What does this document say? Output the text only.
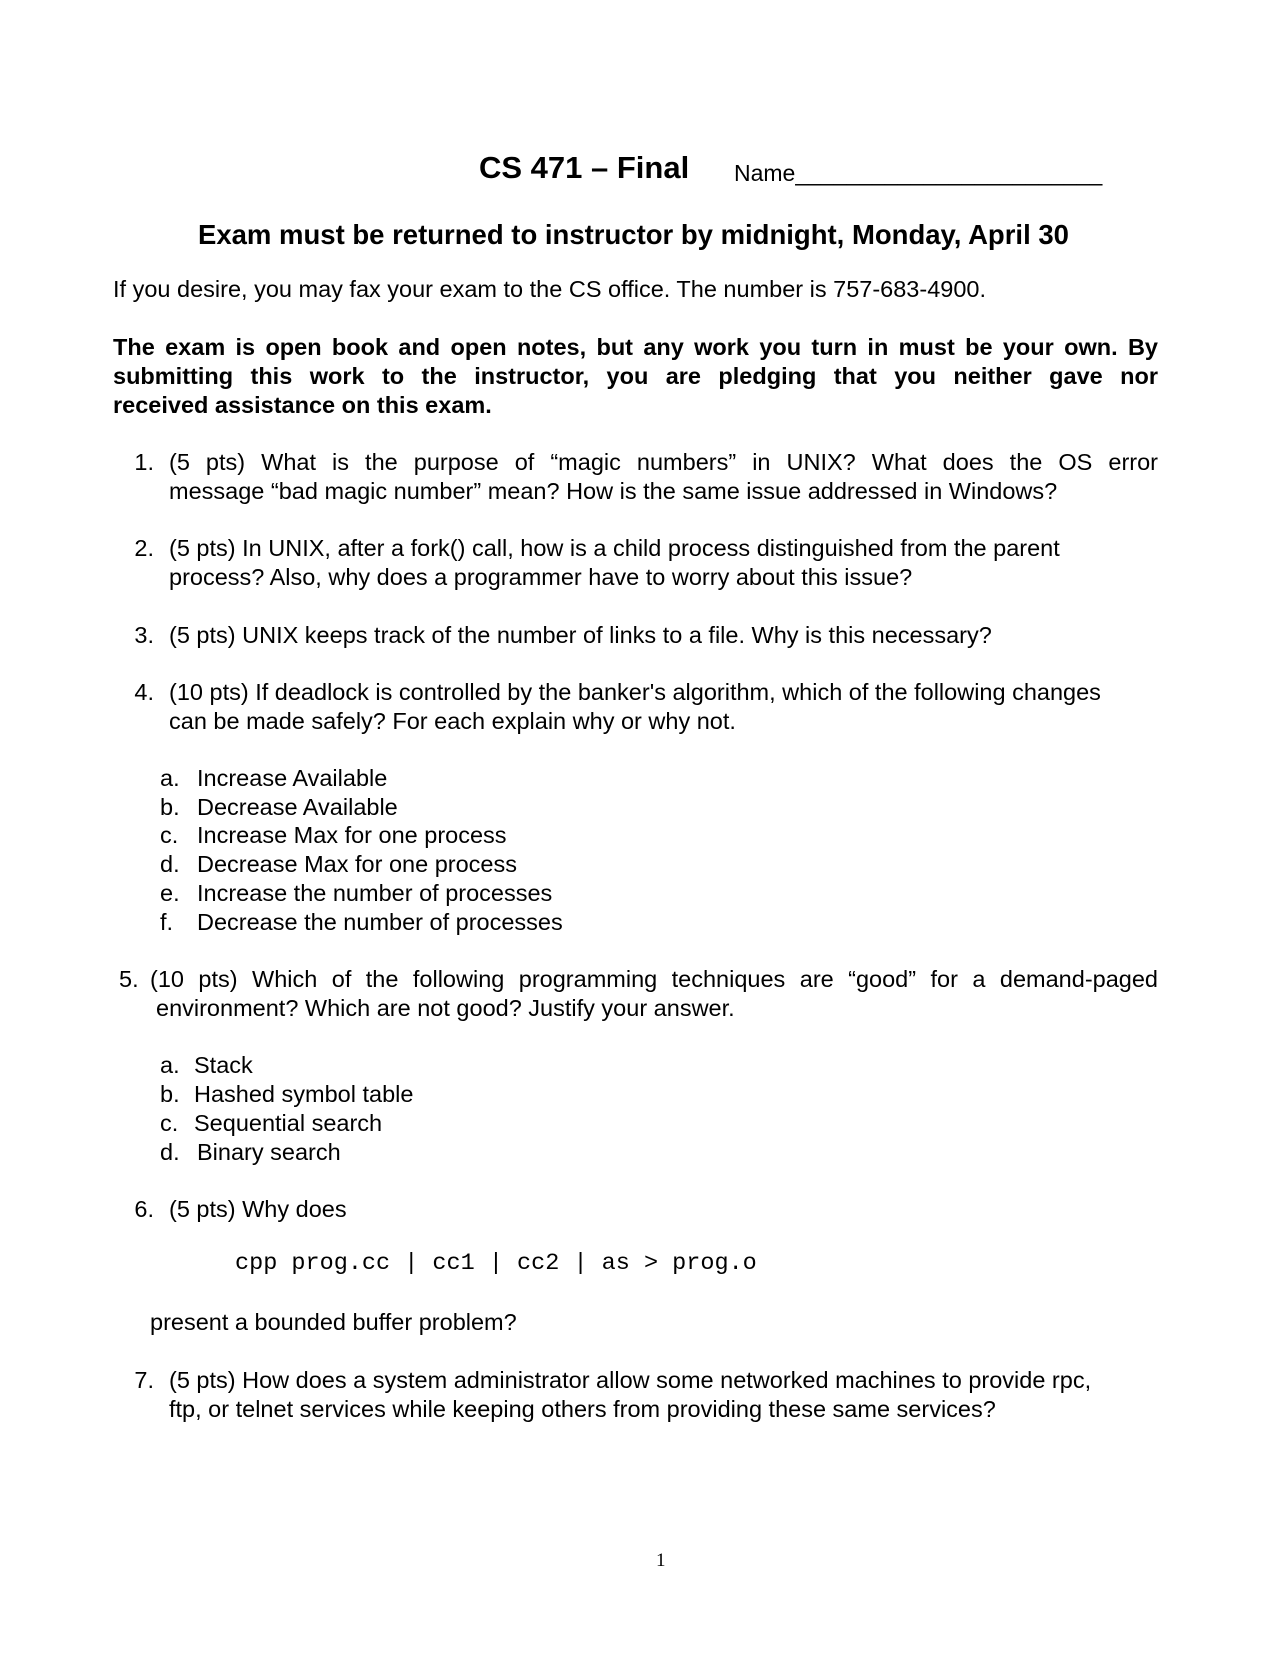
CS 471 – Final Name________________________
Exam must be returned to instructor by midnight, Monday, April 30
If you desire, you may fax your exam to the CS office. The number is 757-683-4900.
The exam is open book and open notes, but any work you turn in must be your own. By
submitting this work to the instructor, you are pledging that you neither gave nor
received assistance on this exam.
1. (5 pts) What is the purpose of “magic numbers” in UNIX? What does the OS error
message “bad magic number” mean? How is the same issue addressed in Windows?
2. (5 pts) In UNIX, after a fork() call, how is a child process distinguished from the parent
process? Also, why does a programmer have to worry about this issue?
3. (5 pts) UNIX keeps track of the number of links to a file. Why is this necessary?
4. (10 pts) If deadlock is controlled by the banker's algorithm, which of the following changes
can be made safely? For each explain why or why not.
a. Increase Available
b. Decrease Available
c. Increase Max for one process
d. Decrease Max for one process
e. Increase the number of processes
f. Decrease the number of processes
5. (10 pts) Which of the following programming techniques are “good” for a demand-paged
environment? Which are not good? Justify your answer.
a. Stack
b. Hashed symbol table
c. Sequential search
d. Binary search
6. (5 pts) Why does
cpp prog.cc | cc1 | cc2 | as > prog.o
present a bounded buffer problem?
7. (5 pts) How does a system administrator allow some networked machines to provide rpc,
ftp, or telnet services while keeping others from providing these same services?
1
